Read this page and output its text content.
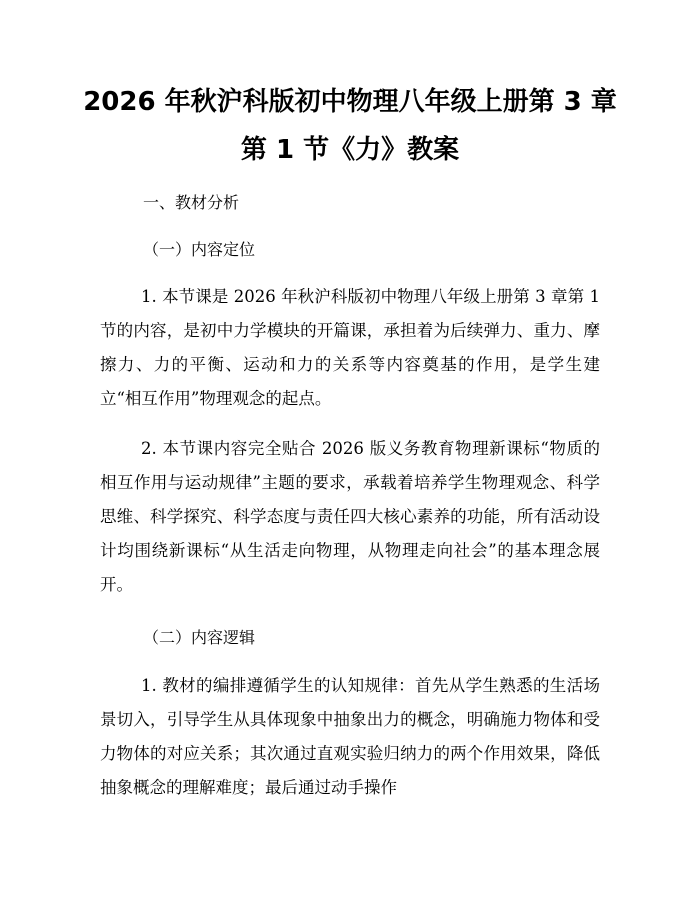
2026 年秋沪科版初中物理八年级上册第 3 章
第 1 节《力》教案
一、教材分析
（一）内容定位
1. 本节课是 2026 年秋沪科版初中物理八年级上册第 3 章第 1 节的内容，是初中力学模块的开篇课，承担着为后续弹力、重力、摩擦力、力的平衡、运动和力的关系等内容奠基的作用，是学生建立“相互作用”物理观念的起点。
2. 本节课内容完全贴合 2026 版义务教育物理新课标“物质的相互作用与运动规律”主题的要求，承载着培养学生物理观念、科学思维、科学探究、科学态度与责任四大核心素养的功能，所有活动设计均围绕新课标“从生活走向物理，从物理走向社会”的基本理念展开。
（二）内容逻辑
1. 教材的编排遵循学生的认知规律：首先从学生熟悉的生活场景切入，引导学生从具体现象中抽象出力的概念，明确施力物体和受力物体的对应关系；其次通过直观实验归纳力的两个作用效果，降低抽象概念的理解难度；最后通过动手操作
